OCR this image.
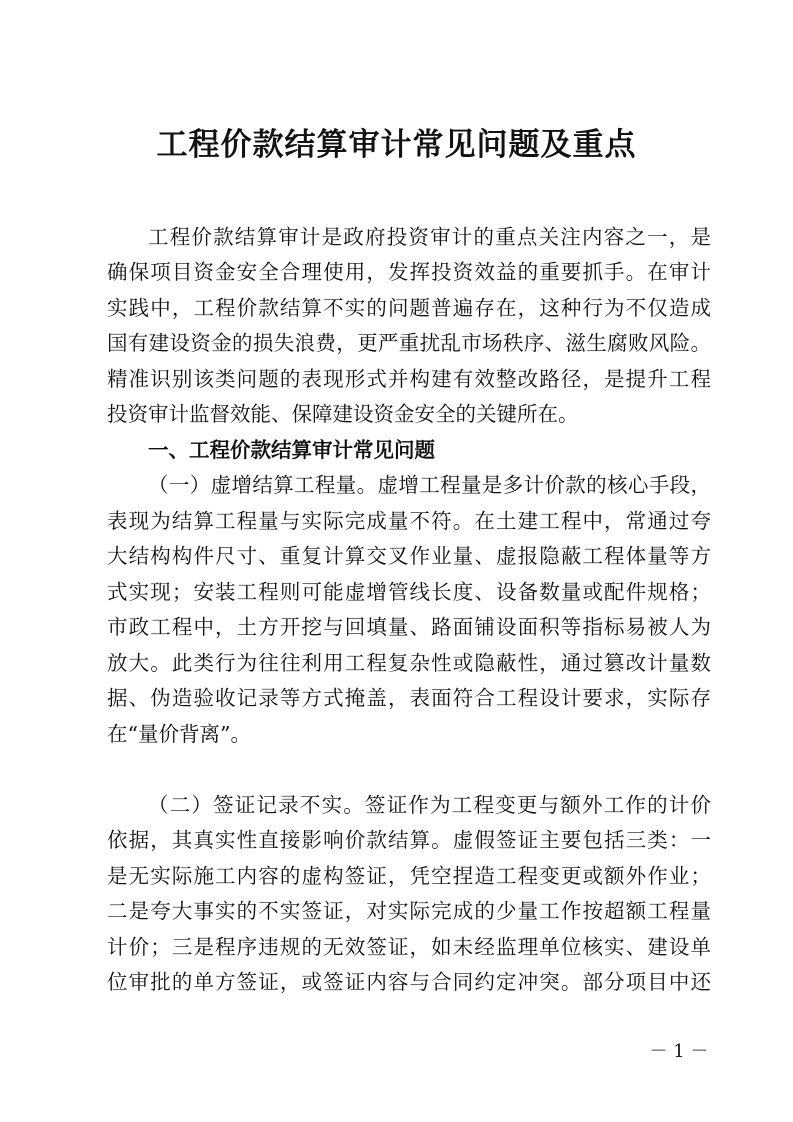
工程价款结算审计常见问题及重点

工程价款结算审计是政府投资审计的重点关注内容之一，是

确保项目资金安全合理使用，发挥投资效益的重要抓手。在审计

实践中，工程价款结算不实的问题普遍存在，这种行为不仅造成

国有建设资金的损失浪费，更严重扰乱市场秩序、滋生腐败风险。

精准识别该类问题的表现形式并构建有效整改路径，是提升工程

投资审计监督效能、保障建设资金安全的关键所在。

一、工程价款结算审计常见问题

（一）虚增结算工程量。虚增工程量是多计价款的核心手段，

表现为结算工程量与实际完成量不符。在土建工程中，常通过夸

大结构构件尺寸、重复计算交叉作业量、虚报隐蔽工程体量等方

式实现；安装工程则可能虚增管线长度、设备数量或配件规格；

市政工程中，土方开挖与回填量、路面铺设面积等指标易被人为

放大。此类行为往往利用工程复杂性或隐蔽性，通过篡改计量数

据、伪造验收记录等方式掩盖，表面符合工程设计要求，实际存

在“量价背离”。

（二）签证记录不实。签证作为工程变更与额外工作的计价

依据，其真实性直接影响价款结算。虚假签证主要包括三类：一

是无实际施工内容的虚构签证，凭空捏造工程变更或额外作业；

二是夸大事实的不实签证，对实际完成的少量工作按超额工程量

计价；三是程序违规的无效签证，如未经监理单位核实、建设单

位审批的单方签证，或签证内容与合同约定冲突。部分项目中还

－ 1 －
